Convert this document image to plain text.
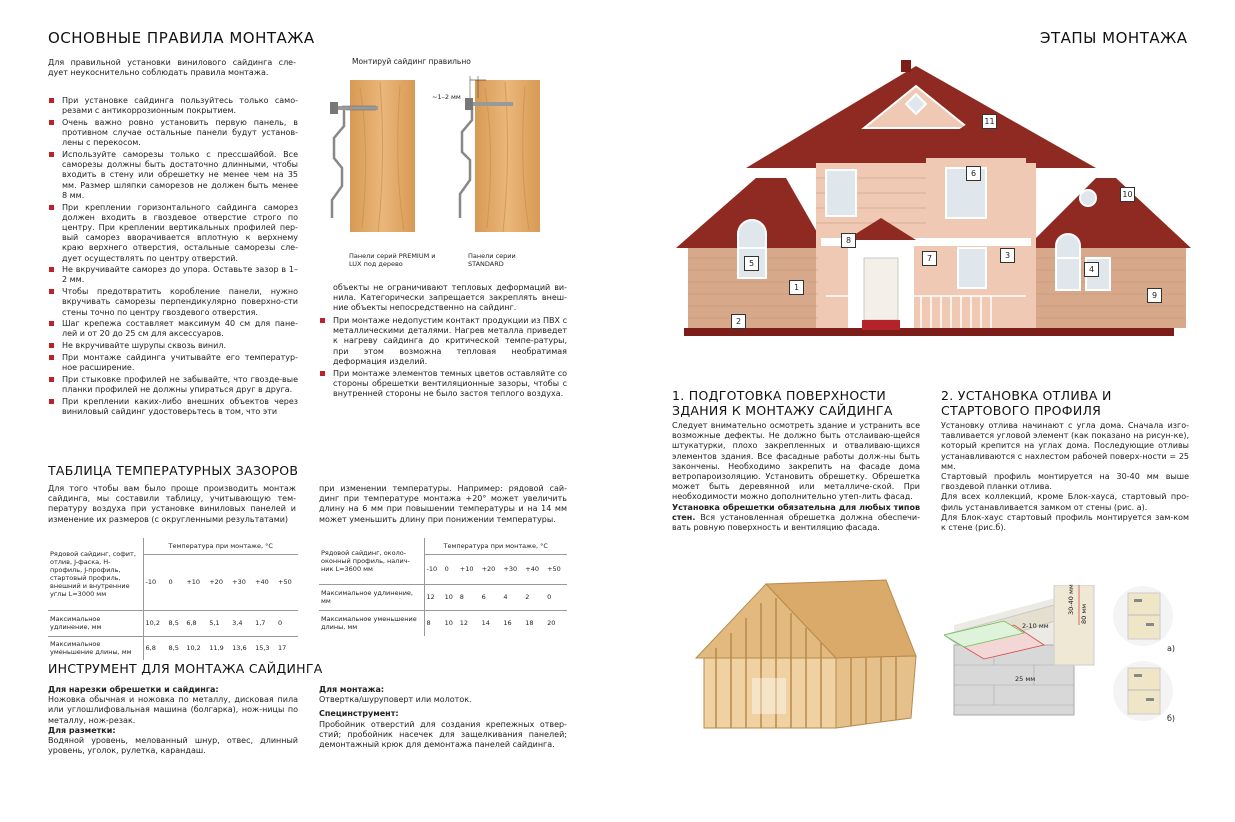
ОСНОВНЫЕ ПРАВИЛА МОНТАЖА

Для правильной установки винилового сайдинга сле-дует неукоснительно соблюдать правила монтажа.

При установке сайдинга пользуйтесь только само-резами с антикоррозионным покрытием.
Очень важно ровно установить первую панель, в противном случае остальные панели будут установ-лены с перекосом.
Используйте саморезы только с прессшайбой. Все саморезы должны быть достаточно длинными, чтобы входить в стену или обрешетку не менее чем на 35 мм. Размер шляпки саморезов не должен быть менее 8 мм.
При креплении горизонтального сайдинга саморез должен входить в гвоздевое отверстие строго по центру. При креплении вертикальных профилей пер-вый саморез вворачивается вплотную к верхнему краю верхнего отверстия, остальные саморезы сле-дует осуществлять по центру отверстий.
Не вкручивайте саморез до упора. Оставьте зазор в 1–2 мм.
Чтобы предотвратить коробление панели, нужно вкручивать саморезы перпендикулярно поверхно-сти стены точно по центру гвоздевого отверстия.
Шаг крепежа составляет максимум 40 см для пане-лей и от 20 до 25 см для аксессуаров.
Не вкручивайте шурупы сквозь винил.
При монтаже сайдинга учитывайте его температур-ное расширение.
При стыковке профилей не забывайте, что гвоздe-вые планки профилей не должны упираться друг в друга.
При креплении каких-либо внешних объектов через виниловый сайдинг удостоверьтесь в том, что эти
Монтируй сайдинг правильно
~1–2 мм
Панели серий PREMIUM и LUX под дерево
Панели серии STANDARD

объекты не ограничивают тепловых деформаций ви-нила. Категорически запрещается закреплять внеш-ние объекты непосредственно на сайдинг.

При монтаже недопустим контакт продукции из ПВХ с металлическими деталями. Нагрев металла приведет к нагреву сайдинга до критической темпе-ратуры, при этом возможна тепловая необратимая деформация изделий.
При монтаже элементов темных цветов оставляйте со стороны обрешетки вентиляционные зазоры, чтобы с внутренней стороны не было застоя теплого воздуха.
ТАБЛИЦА ТЕМПЕРАТУРНЫХ ЗАЗОРОВ

Для того чтобы вам было проще производить монтаж сайдинга, мы составили таблицу, учитывающую тем-пературу воздуха при установке виниловых панелей и изменение их размеров (с округленными результатами)

при изменении температуры. Например: рядовой сай-динг при температуре монтажа +20° может увеличить длину на 6 мм при повышении температуры и на 14 мм может уменьшить длину при понижении температуры.

Рядовой сайдинг, софит, отлив, J-фаска, H-профиль, J-профиль, стартовый профиль, внешний и внутренние углы L=3000 мм	Температура при монтаже, °С						
	-10	0	+10	+20	+30	+40	+50
Максимальное удлинение, мм	10,2	8,5	6,8	5,1	3,4	1,7	0
Максимальное уменьшение длины, мм	6,8	8,5	10,2	11,9	13,6	15,3	17
Рядовой сайдинг, около-оконный профиль, налич-ник L=3600 мм	Температура при монтаже, °С						
	-10	0	+10	+20	+30	+40	+50
Максимальное удлинение, мм	12	10	8	6	4	2	0
Максимальное уменьшение длины, мм	8	10	12	14	16	18	20
ИНСТРУМЕНТ ДЛЯ МОНТАЖА САЙДИНГА

Для нарезки обрешетки и сайдинга:

Ножовка обычная и ножовка по металлу, дисковая пила или углошлифовальная машина (болгарка), нож-ницы по металлу, нож-резак.

Для разметки:

Водяной уровень, мелованный шнур, отвес, длинный уровень, уголок, рулетка, карандаш.

Для монтажа:

Отвертка/шуруповерт или молоток.

Специнструмент:

Пробойник отверстий для создания крепежных отвер-стий; пробойник насечек для защелкивания панелей; демонтажный крюк для демонтажа панелей сайдинга.

ЭТАПЫ МОНТАЖА
1
2
3
4
5
6
7
8
9
10
11
1. ПОДГОТОВКА ПОВЕРХНОСТИ ЗДАНИЯ К МОНТАЖУ САЙДИНГА

Следует внимательно осмотреть здание и устранить все возможные дефекты. Не должно быть отслаиваю-щейся штукатурки, плохо закрепленных и отваливаю-щихся элементов здания. Все фасадные работы долж-ны быть закончены. Необходимо закрепить на фасаде дома ветропароизоляцию. Установить обрешетку. Обрешетка может быть деревянной или металличе-ской. При необходимости можно дополнительно утеп-лить фасад.

Установка обрешетки обязательна для любых типов стен. Вся установленная обрешетка должна обеспечи-вать ровную поверхность и вентиляцию фасада.

2. УСТАНОВКА ОТЛИВА И СТАРТОВОГО ПРОФИЛЯ

Установку отлива начинают с угла дома. Сначала изго-тавливается угловой элемент (как показано на рисун-ке), который крепится на углах дома. Последующие отливы устанавливаются с нахлестом рабочей поверх-ности = 25 мм.

Стартовый профиль монтируется на 30-40 мм выше гвоздевой планки отлива.

Для всех коллекций, кроме Блок-хауса, стартовый про-филь устанавливается замком от стены (рис. а).

Для Блок-хаус стартовый профиль монтируется зам-ком к стене (рис.б).

2-10 мм
25 мм
30-40 мм 80 мм
а)
б)
